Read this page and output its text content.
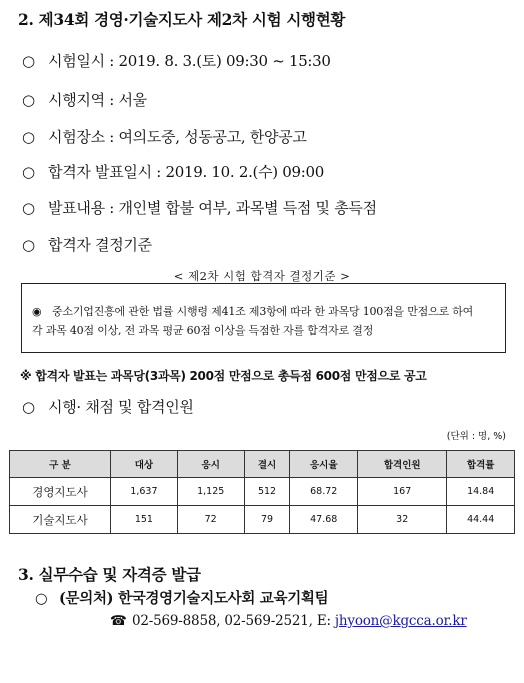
2. 제34회 경영·기술지도사 제2차 시험 시행현황
○ 시험일시 : 2019. 8. 3.(토) 09:30 ~ 15:30
○ 시행지역 : 서울
○ 시험장소 : 여의도중, 성동공고, 한양공고
○ 합격자 발표일시 : 2019. 10. 2.(수) 09:00
○ 발표내용 : 개인별 합불 여부, 과목별 득점 및 총득점
○ 합격자 결정기준
< 제2차 시험 합격자 결정기준 >
◉ 중소기업진흥에 관한 법률 시행령 제41조 제3항에 따라 한 과목당 100점을 만점으로 하여
각 과목 40점 이상, 전 과목 평균 60점 이상을 득점한 자를 합격자로 결정
※ 합격자 발표는 과목당(3과목) 200점 만점으로 총득점 600점 만점으로 공고
○ 시행· 채점 및 합격인원
(단위 : 명, %)
구 분	대상	응시	결시	응시율	합격인원	합격률
경영지도사	1,637	1,125	512	68.72	167	14.84
기술지도사	151	72	79	47.68	32	44.44
3. 실무수습 및 자격증 발급
○ (문의처) 한국경영기술지도사회 교육기획팀
☎ 02-569-8858, 02-569-2521, E: jhyoon@kgcca.or.kr
